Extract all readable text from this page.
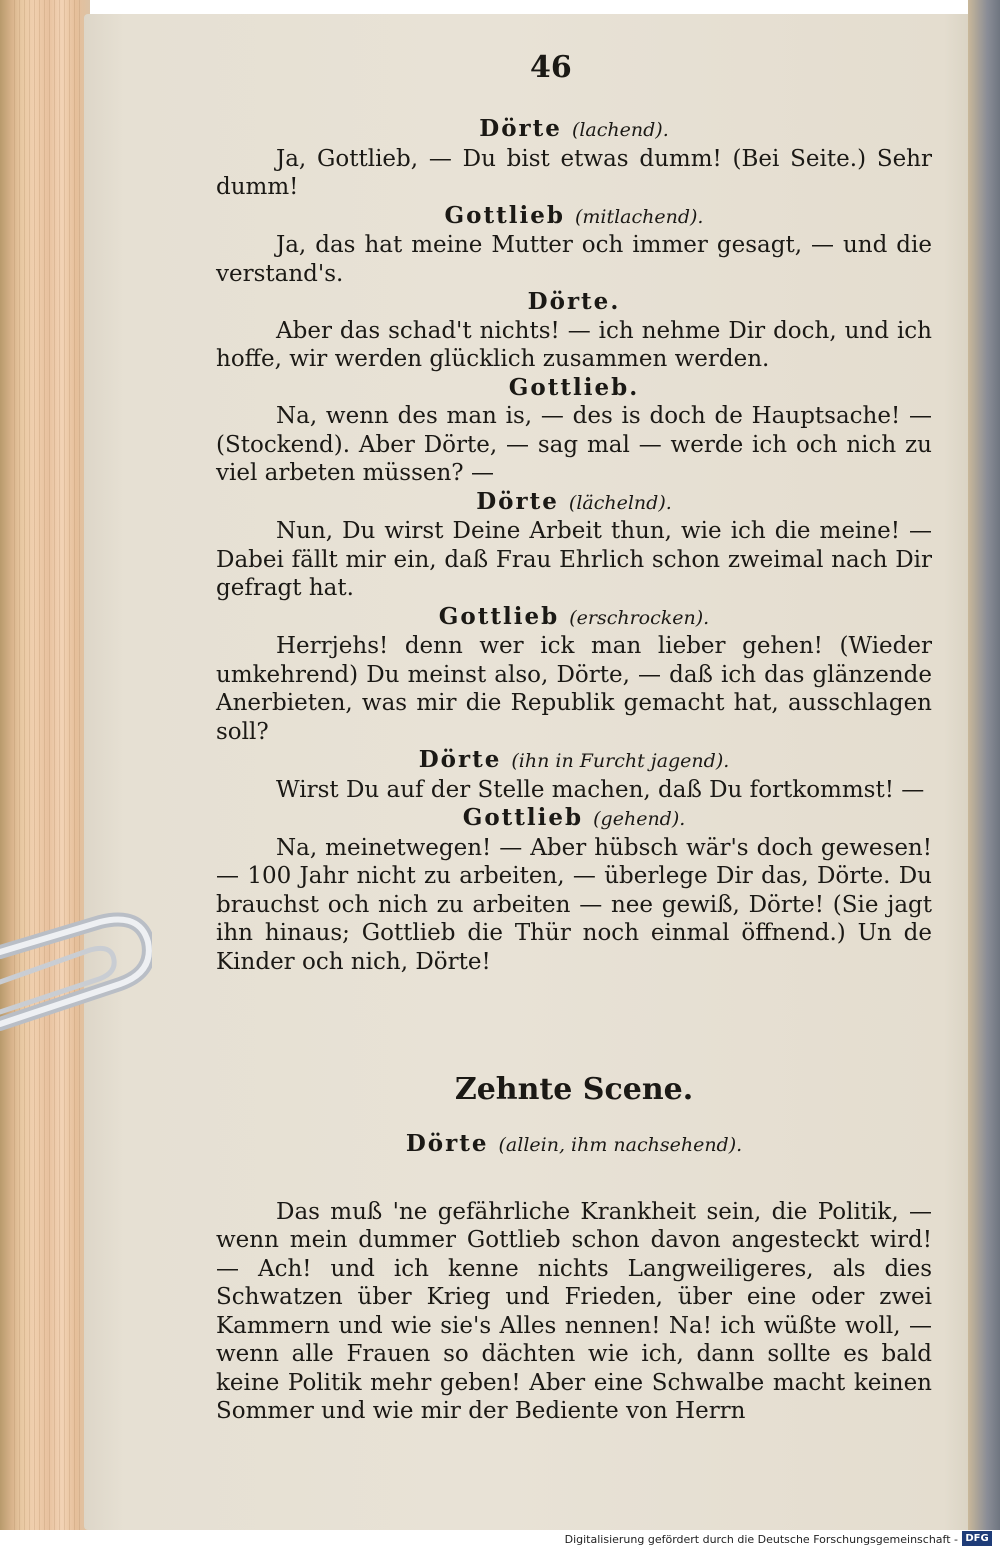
46
Dörte (lachend).

Ja, Gottlieb, — Du bist etwas dumm! (Bei Seite.) Sehr dumm!

Gottlieb (mitlachend).

Ja, das hat meine Mutter och immer gesagt, — und die verstand's.

Dörte.

Aber das schad't nichts! — ich nehme Dir doch, und ich hoffe, wir werden glücklich zusammen werden.

Gottlieb.

Na, wenn des man is, — des is doch de Hauptsache! — (Stockend). Aber Dörte, — sag mal — werde ich och nich zu viel arbeten müssen? —

Dörte (lächelnd).

Nun, Du wirst Deine Arbeit thun, wie ich die meine! — Dabei fällt mir ein, daß Frau Ehrlich schon zweimal nach Dir gefragt hat.

Gottlieb (erschrocken).

Herrjehs! denn wer ick man lieber gehen! (Wieder umkehrend) Du meinst also, Dörte, — daß ich das glänzende Anerbieten, was mir die Republik gemacht hat, ausschlagen soll?

Dörte (ihn in Furcht jagend).

Wirst Du auf der Stelle machen, daß Du fortkommst! —

Gottlieb (gehend).

Na, meinetwegen! — Aber hübsch wär's doch gewesen! — 100 Jahr nicht zu arbeiten, — überlege Dir das, Dörte. Du brauchst och nich zu arbeiten — nee gewiß, Dörte! (Sie jagt ihn hinaus; Gottlieb die Thür noch einmal öffnend.) Un de Kinder och nich, Dörte!

Zehnte Scene.
Dörte (allein, ihm nachsehend).

Das muß 'ne gefährliche Krankheit sein, die Politik, — wenn mein dummer Gottlieb schon davon angesteckt wird! — Ach! und ich kenne nichts Langweiligeres, als dies Schwatzen über Krieg und Frieden, über eine oder zwei Kammern und wie sie's Alles nennen! Na! ich wüßte woll, — wenn alle Frauen so dächten wie ich, dann sollte es bald keine Politik mehr geben! Aber eine Schwalbe macht keinen Sommer und wie mir der Bediente von Herrn

Digitalisierung gefördert durch die Deutsche Forschungsgemeinschaft - DFG
